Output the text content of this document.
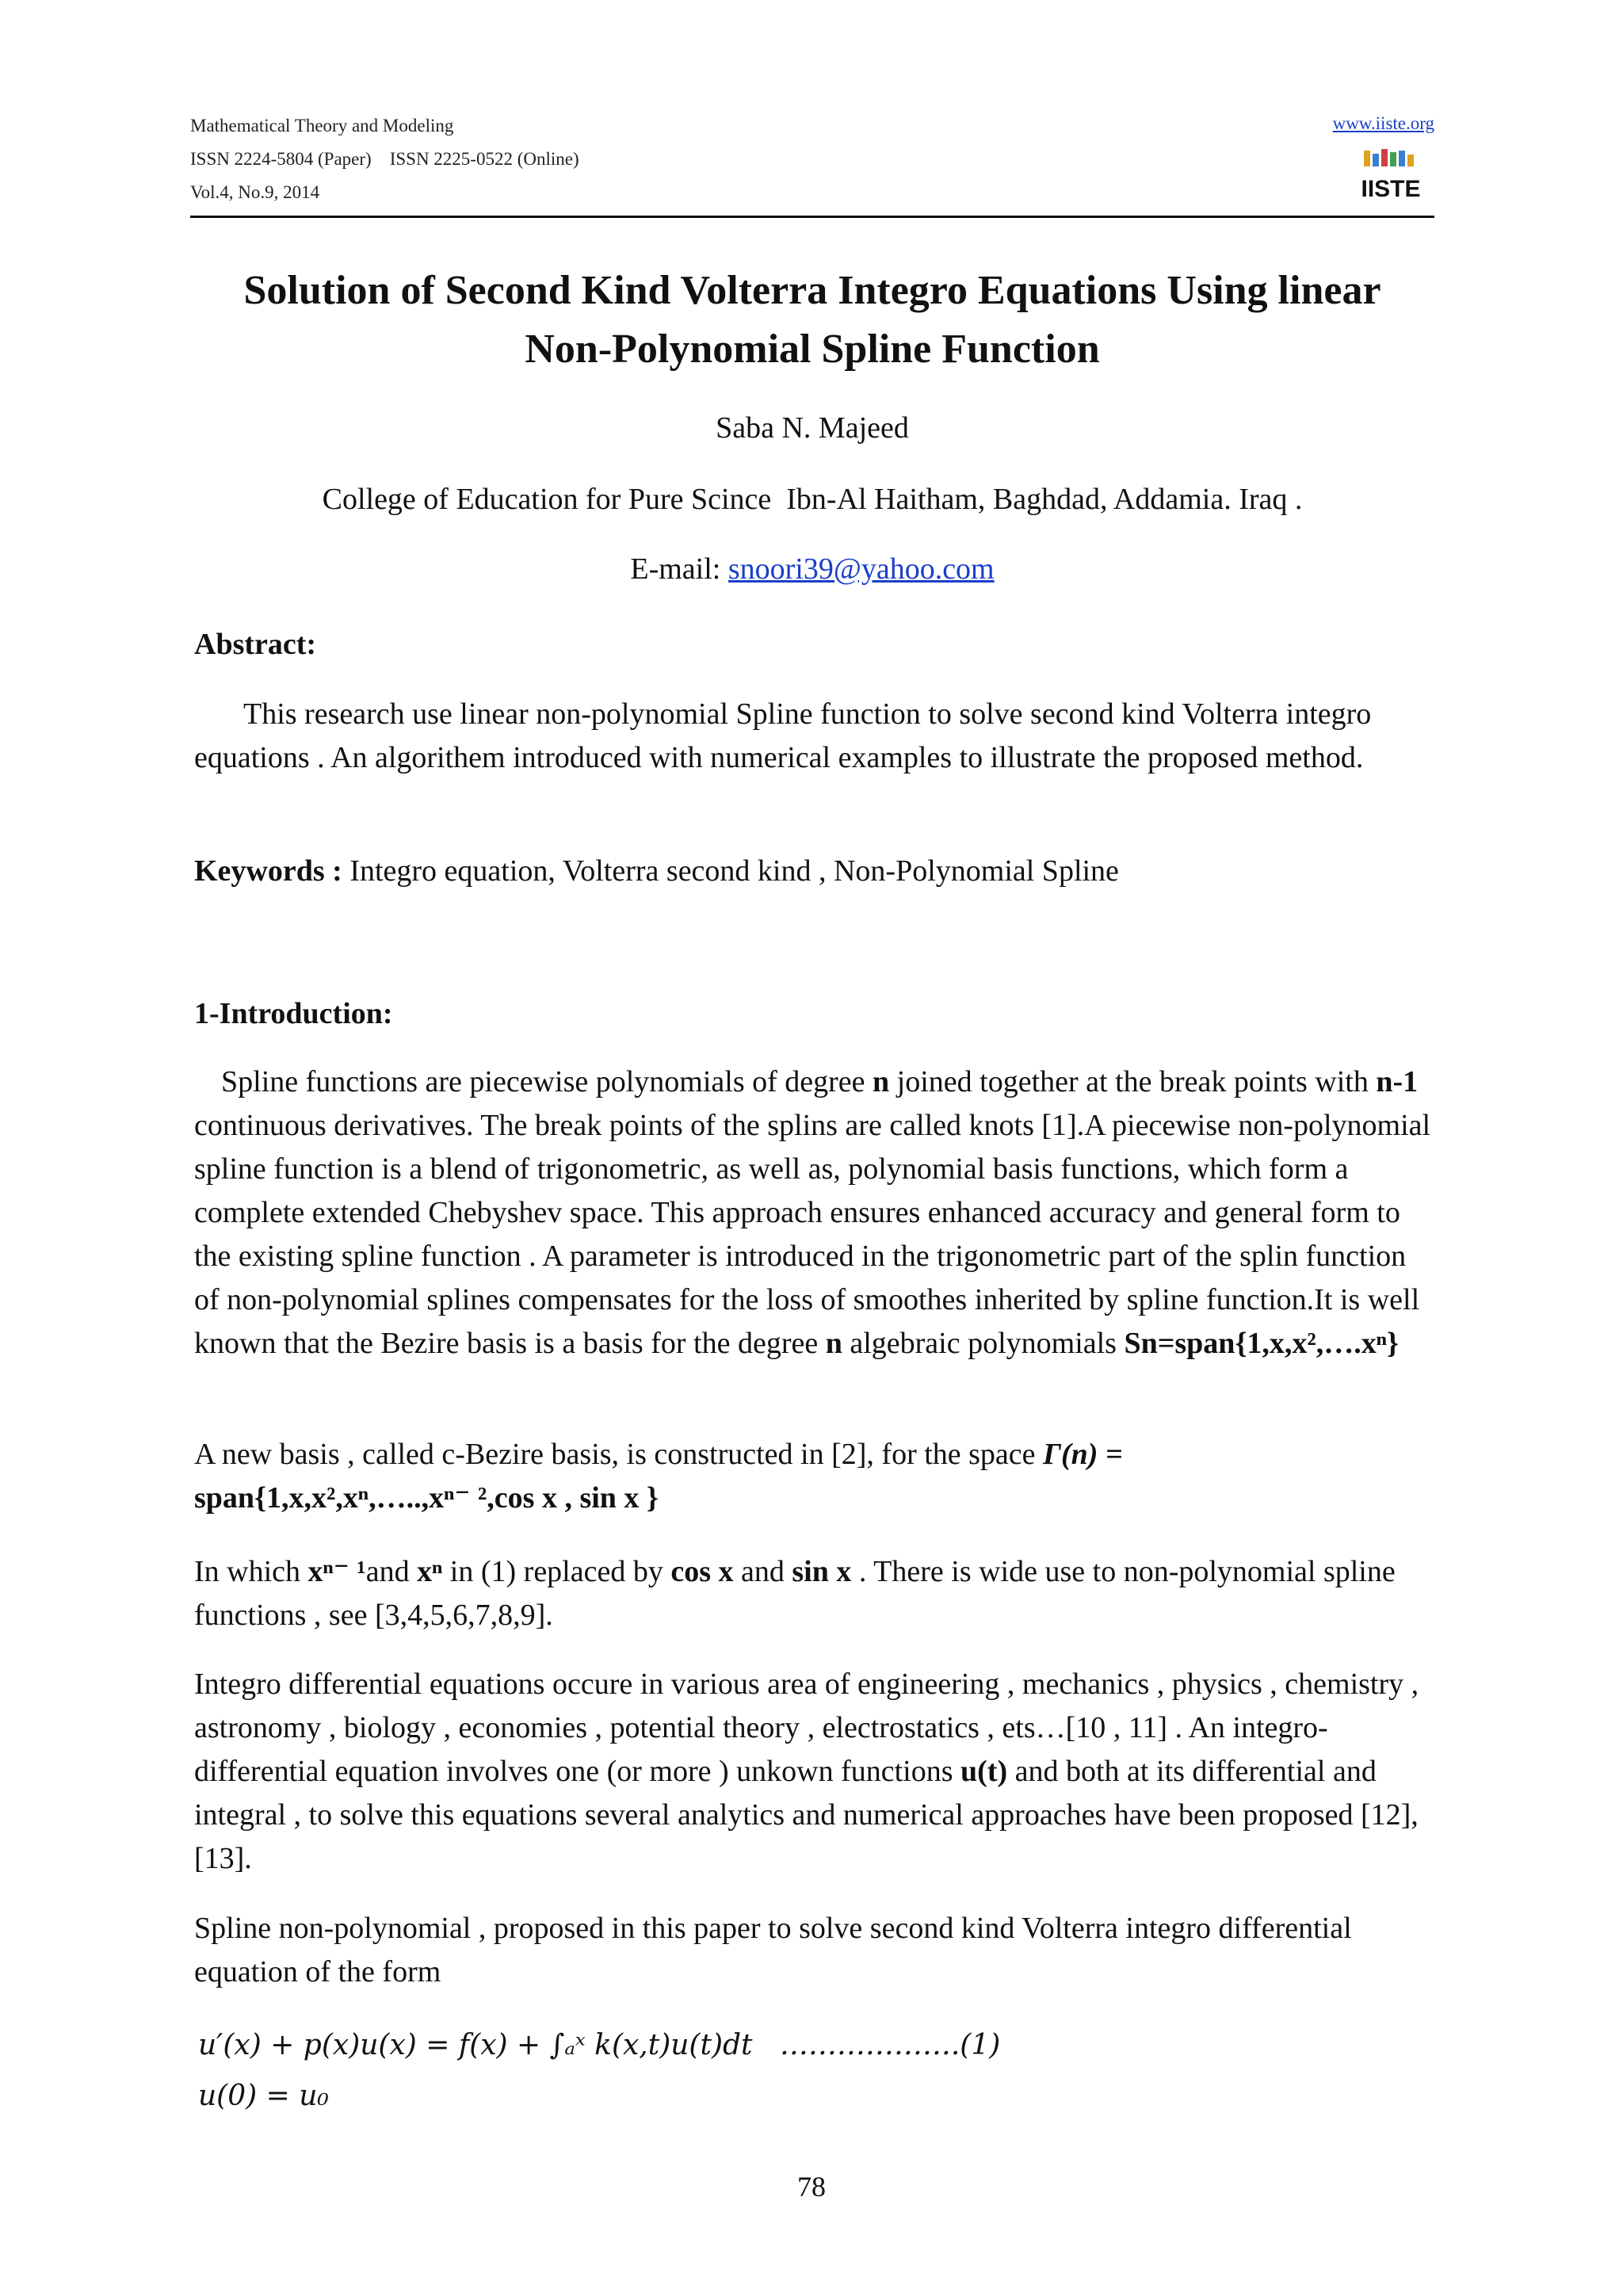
Mathematical Theory and Modeling
ISSN 2224-5804 (Paper)    ISSN 2225-0522 (Online)
Vol.4, No.9, 2014
www.iiste.org
IISTE
Solution of Second Kind Volterra Integro Equations Using linear
Non-Polynomial Spline Function
Saba N. Majeed
College of Education for Pure Scince  Ibn-Al Haitham, Baghdad, Addamia. Iraq .
E-mail: snoori39@yahoo.com
Abstract:
This research use linear non-polynomial Spline function to solve second kind Volterra integro equations . An algorithem introduced with numerical examples to illustrate the proposed method.
Keywords : Integro equation, Volterra second kind , Non-Polynomial Spline
1-Introduction:
Spline functions are piecewise polynomials of degree n joined together at the break points with n-1 continuous derivatives. The break points of the splins are called knots [1].A piecewise non-polynomial spline function is a blend of trigonometric, as well as, polynomial basis functions, which form a complete extended Chebyshev space. This approach ensures enhanced accuracy and general form to the existing spline function . A parameter is introduced in the trigonometric part of the splin function of non-polynomial splines compensates for the loss of smoothes inherited by spline function.It is well known that the Bezire basis is a basis for the degree n algebraic polynomials Sn=span{1,x,x²,….xⁿ}
A new basis , called c-Bezire basis, is constructed in [2], for the space Γ(n) =
span{1,x,x²,xⁿ,…..,xⁿ⁻ ²,cos x , sin x }
In which xⁿ⁻ ¹and xⁿ in (1) replaced by cos x and sin x . There is wide use to non-polynomial spline functions , see [3,4,5,6,7,8,9].
Integro differential equations occure in various area of engineering , mechanics , physics , chemistry , astronomy , biology , economies , potential theory , electrostatics , ets…[10 , 11] . An integro-differential equation involves one (or more ) unkown functions u(t) and both at its differential and integral , to solve this equations several analytics and numerical approaches have been proposed [12],[13].
Spline non-polynomial , proposed in this paper to solve second kind Volterra integro differential equation of the form
u′(x) + p(x)u(x) = f(x) + ∫ₐˣ k(x,t)u(t)dt   ……………….(1)
u(0) = u₀
78
